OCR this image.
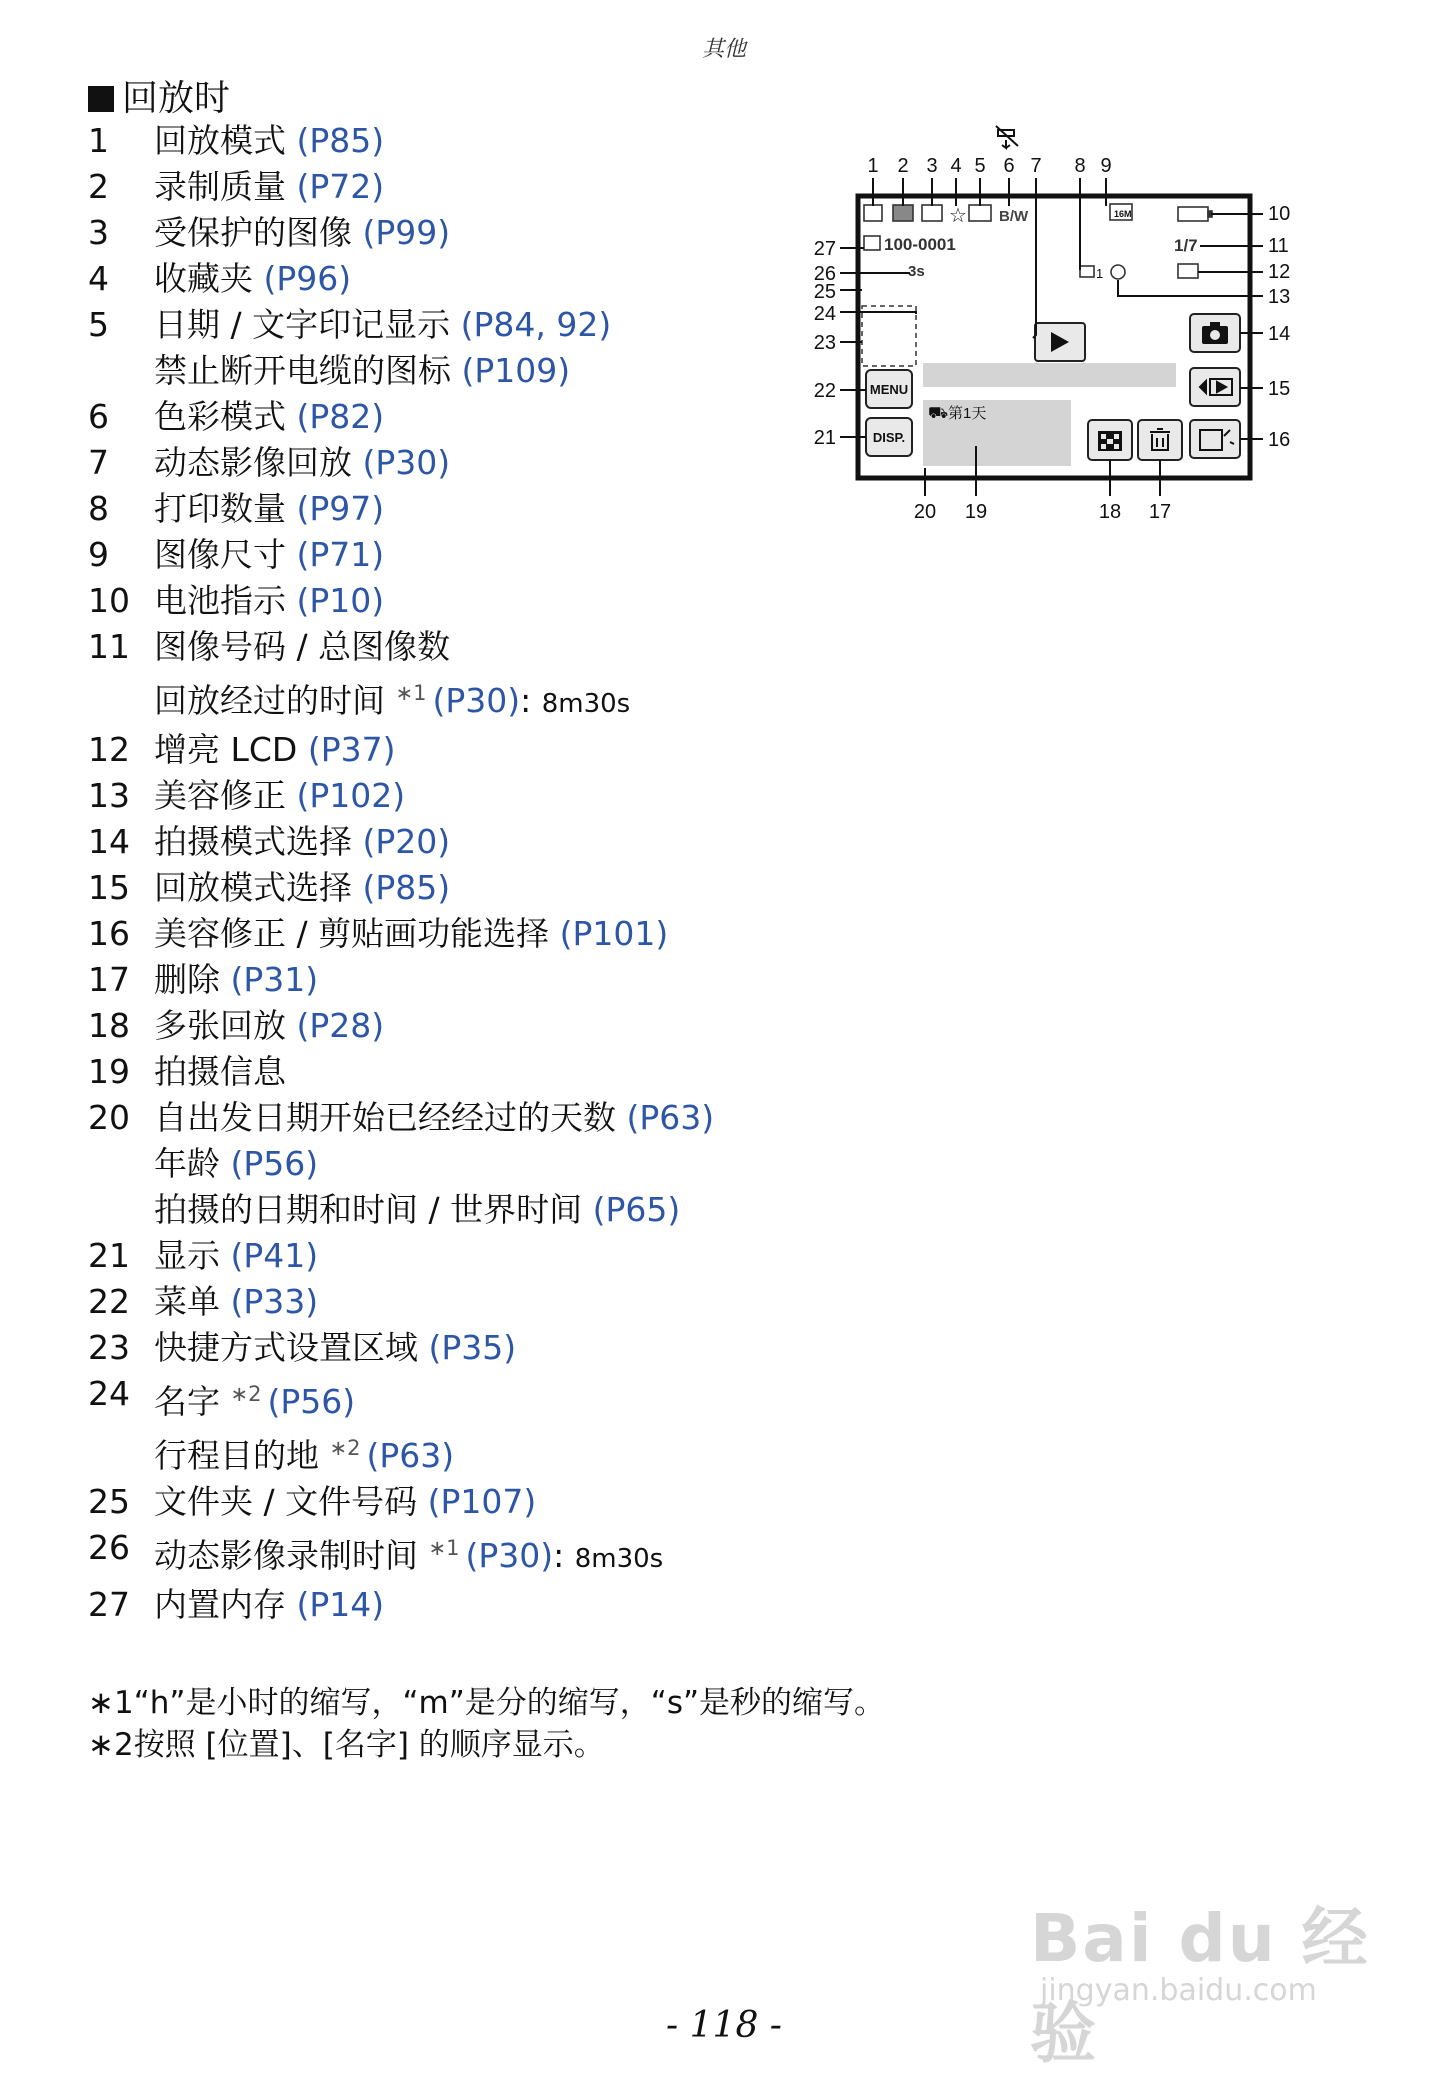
其他
回放时
1	回放模式 (P85)
2	录制质量 (P72)
3	受保护的图像 (P99)
4	收藏夹 (P96)
5	日期 / 文字印记显示 (P84, 92)
禁止断开电缆的图标 (P109)
6	色彩模式 (P82)
7	动态影像回放 (P30)
8	打印数量 (P97)
9	图像尺寸 (P71)
10 电池指示 (P10)
11 图像号码 / 总图像数
回放经过的时间 $^{∗1}$ (P30): 8m30s
12 增亮 LCD (P37)
13 美容修正 (P102)
14 拍摄模式选择 (P20)
15 回放模式选择 (P85)
16 美容修正 / 剪贴画功能选择 (P101)
17 删除 (P31)
18 多张回放 (P28)
19 拍摄信息
20 自出发日期开始已经经过的天数 (P63)
年龄 (P56)
拍摄的日期和时间 / 世界时间 (P65)
21 显示 (P41)
22 菜单 (P33)
23 快捷方式设置区域 (P35)
24 名字 $^{∗2}$ (P56)
行程目的地 $^{∗2}$ (P63)
25 文件夹 / 文件号码 (P107)
26 动态影像录制时间 $^{∗1}$ (P30): 8m30s
27 内置内存 (P14)
☆ B/W	16M
100-0001
3s
1/7
1
MENU
DISP.
⛟ 第1天
1 2 3 4 5 6 7 8 9
10
11
12
13
14
15
16
20 19	18 17
27
26
25
24
23
22
21
∗1“h”是小时的缩写，“m”是分的缩写，“s”是秒的缩写。
∗2按照 [位置]、[名字] 的顺序显示。
Bai du 经验
jingyan.baidu.com
- 118 -
